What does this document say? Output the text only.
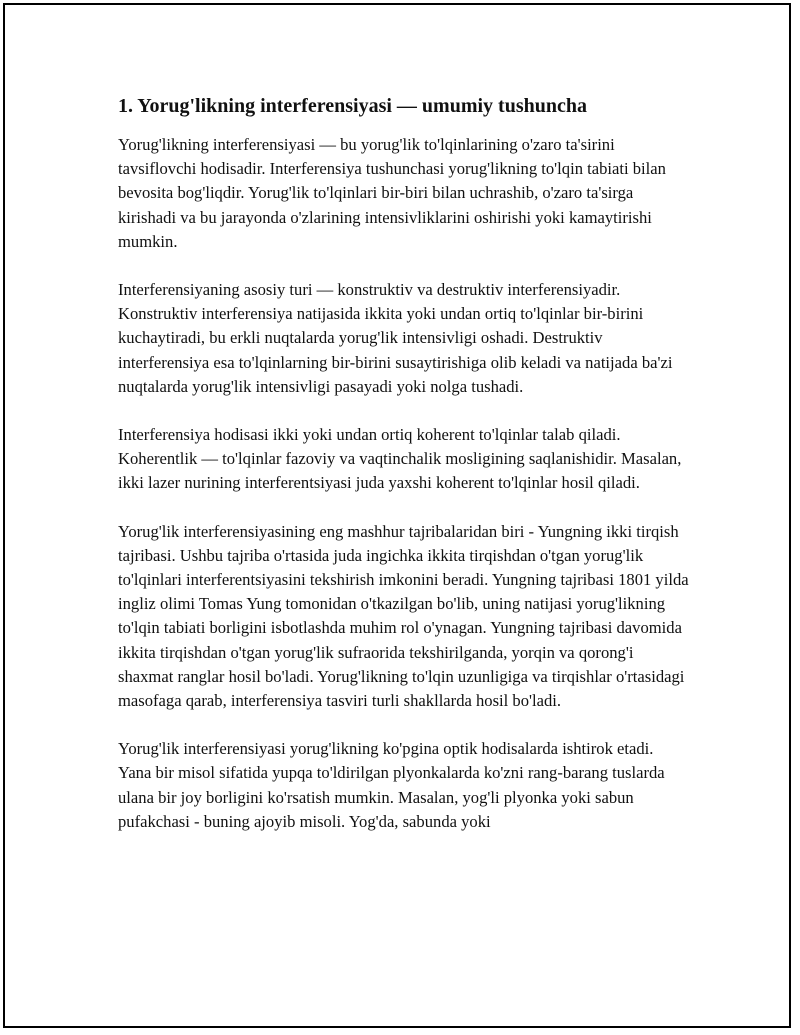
1. Yorug'likning interferensiyasi — umumiy tushuncha

Yorug'likning interferensiyasi — bu yorug'lik to'lqinlarining o'zaro ta'sirini tavsiflovchi hodisadir. Interferensiya tushunchasi yorug'likning to'lqin tabiati bilan bevosita bog'liqdir. Yorug'lik to'lqinlari bir-biri bilan uchrashib, o'zaro ta'sirga kirishadi va bu jarayonda o'zlarining intensivliklarini oshirishi yoki kamaytirishi mumkin.

Interferensiyaning asosiy turi — konstruktiv va destruktiv interferensiyadir. Konstruktiv interferensiya natijasida ikkita yoki undan ortiq to'lqinlar bir-birini kuchaytiradi, bu erkli nuqtalarda yorug'lik intensivligi oshadi. Destruktiv interferensiya esa to'lqinlarning bir-birini susaytirishiga olib keladi va natijada ba'zi nuqtalarda yorug'lik intensivligi pasayadi yoki nolga tushadi.

Interferensiya hodisasi ikki yoki undan ortiq koherent to'lqinlar talab qiladi. Koherentlik — to'lqinlar fazoviy va vaqtinchalik mosligining saqlanishidir. Masalan, ikki lazer nurining interferentsiyasi juda yaxshi koherent to'lqinlar hosil qiladi.

Yorug'lik interferensiyasining eng mashhur tajribalaridan biri - Yungning ikki tirqish tajribasi. Ushbu tajriba o'rtasida juda ingichka ikkita tirqishdan o'tgan yorug'lik to'lqinlari interferentsiyasini tekshirish imkonini beradi. Yungning tajribasi 1801 yilda ingliz olimi Tomas Yung tomonidan o'tkazilgan bo'lib, uning natijasi yorug'likning to'lqin tabiati borligini isbotlashda muhim rol o'ynagan. Yungning tajribasi davomida ikkita tirqishdan o'tgan yorug'lik sufraorida tekshirilganda, yorqin va qorong'i shaxmat ranglar hosil bo'ladi. Yorug'likning to'lqin uzunligiga va tirqishlar o'rtasidagi masofaga qarab, interferensiya tasviri turli shakllarda hosil bo'ladi.

Yorug'lik interferensiyasi yorug'likning ko'pgina optik hodisalarda ishtirok etadi. Yana bir misol sifatida yupqa to'ldirilgan plyonkalarda ko'zni rang-barang tuslarda ulana bir joy borligini ko'rsatish mumkin. Masalan, yog'li plyonka yoki sabun pufakchasi - buning ajoyib misoli. Yog'da, sabunda yoki
